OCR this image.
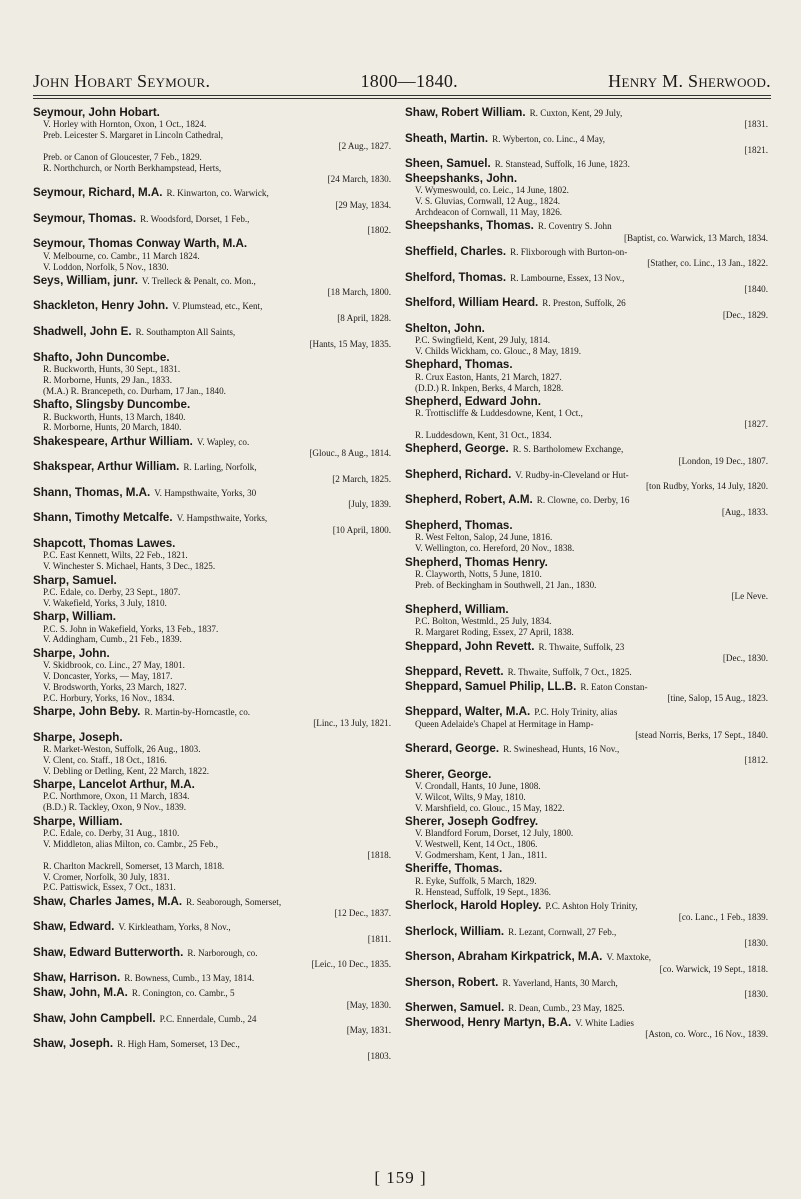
John Hobart Seymour.	1800—1840.	Henry M. Sherwood.
Seymour, John Hobart.
V. Horley with Hornton, Oxon, 1 Oct., 1824.
Preb. Leicester S. Margaret in Lincoln Cathedral,
[2 Aug., 1827.
Preb. or Canon of Gloucester, 7 Feb., 1829.
R. Northchurch, or North Berkhampstead, Herts,
[24 March, 1830.
Seymour, Richard, M.A. R. Kinwarton, co. Warwick,
[29 May, 1834.
Seymour, Thomas. R. Woodsford, Dorset, 1 Feb.,
[1802.
Seymour, Thomas Conway Warth, M.A.
V. Melbourne, co. Cambr., 11 March 1824.
V. Loddon, Norfolk, 5 Nov., 1830.
Seys, William, junr. V. Trelleck & Penalt, co. Mon.,
[18 March, 1800.
Shackleton, Henry John. V. Plumstead, etc., Kent,
[8 April, 1828.
Shadwell, John E. R. Southampton All Saints,
[Hants, 15 May, 1835.
Shafto, John Duncombe.
R. Buckworth, Hunts, 30 Sept., 1831.
R. Morborne, Hunts, 29 Jan., 1833.
(M.A.) R. Brancepeth, co. Durham, 17 Jan., 1840.
Shafto, Slingsby Duncombe.
R. Buckworth, Hunts, 13 March, 1840.
R. Morborne, Hunts, 20 March, 1840.
Shakespeare, Arthur William. V. Wapley, co.
[Glouc., 8 Aug., 1814.
Shakspear, Arthur William. R. Larling, Norfolk,
[2 March, 1825.
Shann, Thomas, M.A. V. Hampsthwaite, Yorks, 30
[July, 1839.
Shann, Timothy Metcalfe. V. Hampsthwaite, Yorks,
[10 April, 1800.
Shapcott, Thomas Lawes.
P.C. East Kennett, Wilts, 22 Feb., 1821.
V. Winchester S. Michael, Hants, 3 Dec., 1825.
Sharp, Samuel.
P.C. Edale, co. Derby, 23 Sept., 1807.
V. Wakefield, Yorks, 3 July, 1810.
Sharp, William.
P.C. S. John in Wakefield, Yorks, 13 Feb., 1837.
V. Addingham, Cumb., 21 Feb., 1839.
Sharpe, John.
V. Skidbrook, co. Linc., 27 May, 1801.
V. Doncaster, Yorks, — May, 1817.
V. Brodsworth, Yorks, 23 March, 1827.
P.C. Horbury, Yorks, 16 Nov., 1834.
Sharpe, John Beby. R. Martin-by-Horncastle, co.
[Linc., 13 July, 1821.
Sharpe, Joseph.
R. Market-Weston, Suffolk, 26 Aug., 1803.
V. Clent, co. Staff., 18 Oct., 1816.
V. Debling or Detling, Kent, 22 March, 1822.
Sharpe, Lancelot Arthur, M.A.
P.C. Northmore, Oxon, 11 March, 1834.
(B.D.) R. Tackley, Oxon, 9 Nov., 1839.
Sharpe, William.
P.C. Edale, co. Derby, 31 Aug., 1810.
V. Middleton, alias Milton, co. Cambr., 25 Feb.,
[1818.
R. Charlton Mackrell, Somerset, 13 March, 1818.
V. Cromer, Norfolk, 30 July, 1831.
P.C. Pattiswick, Essex, 7 Oct., 1831.
Shaw, Charles James, M.A. R. Seaborough, Somerset,
[12 Dec., 1837.
Shaw, Edward. V. Kirkleatham, Yorks, 8 Nov.,
[1811.
Shaw, Edward Butterworth. R. Narborough, co.
[Leic., 10 Dec., 1835.
Shaw, Harrison. R. Bowness, Cumb., 13 May, 1814.
Shaw, John, M.A. R. Conington, co. Cambr., 5
[May, 1830.
Shaw, John Campbell. P.C. Ennerdale, Cumb., 24
[May, 1831.
Shaw, Joseph. R. High Ham, Somerset, 13 Dec.,
[1803.
Shaw, Robert William. R. Cuxton, Kent, 29 July,
[1831.
Sheath, Martin. R. Wyberton, co. Linc., 4 May,
[1821.
Sheen, Samuel. R. Stanstead, Suffolk, 16 June, 1823.
Sheepshanks, John.
V. Wymeswould, co. Leic., 14 June, 1802.
V. S. Gluvias, Cornwall, 12 Aug., 1824.
Archdeacon of Cornwall, 11 May, 1826.
Sheepshanks, Thomas. R. Coventry S. John
[Baptist, co. Warwick, 13 March, 1834.
Sheffield, Charles. R. Flixborough with Burton-on-
[Stather, co. Linc., 13 Jan., 1822.
Shelford, Thomas. R. Lambourne, Essex, 13 Nov.,
[1840.
Shelford, William Heard. R. Preston, Suffolk, 26
[Dec., 1829.
Shelton, John.
P.C. Swingfield, Kent, 29 July, 1814.
V. Childs Wickham, co. Glouc., 8 May, 1819.
Shephard, Thomas.
R. Crux Easton, Hants, 21 March, 1827.
(D.D.) R. Inkpen, Berks, 4 March, 1828.
Shepherd, Edward John.
R. Trottiscliffe & Luddesdowne, Kent, 1 Oct.,
[1827.
R. Luddesdown, Kent, 31 Oct., 1834.
Shepherd, George. R. S. Bartholomew Exchange,
[London, 19 Dec., 1807.
Shepherd, Richard. V. Rudby-in-Cleveland or Hut-
[ton Rudby, Yorks, 14 July, 1820.
Shepherd, Robert, A.M. R. Clowne, co. Derby, 16
[Aug., 1833.
Shepherd, Thomas.
R. West Felton, Salop, 24 June, 1816.
V. Wellington, co. Hereford, 20 Nov., 1838.
Shepherd, Thomas Henry.
R. Clayworth, Notts, 5 June, 1810.
Preb. of Beckingham in Southwell, 21 Jan., 1830.
[Le Neve.
Shepherd, William.
P.C. Bolton, Westmld., 25 July, 1834.
R. Margaret Roding, Essex, 27 April, 1838.
Sheppard, John Revett. R. Thwaite, Suffolk, 23
[Dec., 1830.
Sheppard, Revett. R. Thwaite, Suffolk, 7 Oct., 1825.
Sheppard, Samuel Philip, LL.B. R. Eaton Constan-
[tine, Salop, 15 Aug., 1823.
Sheppard, Walter, M.A. P.C. Holy Trinity, alias
Queen Adelaide's Chapel at Hermitage in Hamp-
[stead Norris, Berks, 17 Sept., 1840.
Sherard, George. R. Swineshead, Hunts, 16 Nov.,
[1812.
Sherer, George.
V. Crondall, Hants, 10 June, 1808.
V. Wilcot, Wilts, 9 May, 1810.
V. Marshfield, co. Glouc., 15 May, 1822.
Sherer, Joseph Godfrey.
V. Blandford Forum, Dorset, 12 July, 1800.
V. Westwell, Kent, 14 Oct., 1806.
V. Godmersham, Kent, 1 Jan., 1811.
Sheriffe, Thomas.
R. Eyke, Suffolk, 5 March, 1829.
R. Henstead, Suffolk, 19 Sept., 1836.
Sherlock, Harold Hopley. P.C. Ashton Holy Trinity,
[co. Lanc., 1 Feb., 1839.
Sherlock, William. R. Lezant, Cornwall, 27 Feb.,
[1830.
Sherson, Abraham Kirkpatrick, M.A. V. Maxtoke,
[co. Warwick, 19 Sept., 1818.
Sherson, Robert. R. Yaverland, Hants, 30 March,
[1830.
Sherwen, Samuel. R. Dean, Cumb., 23 May, 1825.
Sherwood, Henry Martyn, B.A. V. White Ladies
[Aston, co. Worc., 16 Nov., 1839.
[ 159 ]
